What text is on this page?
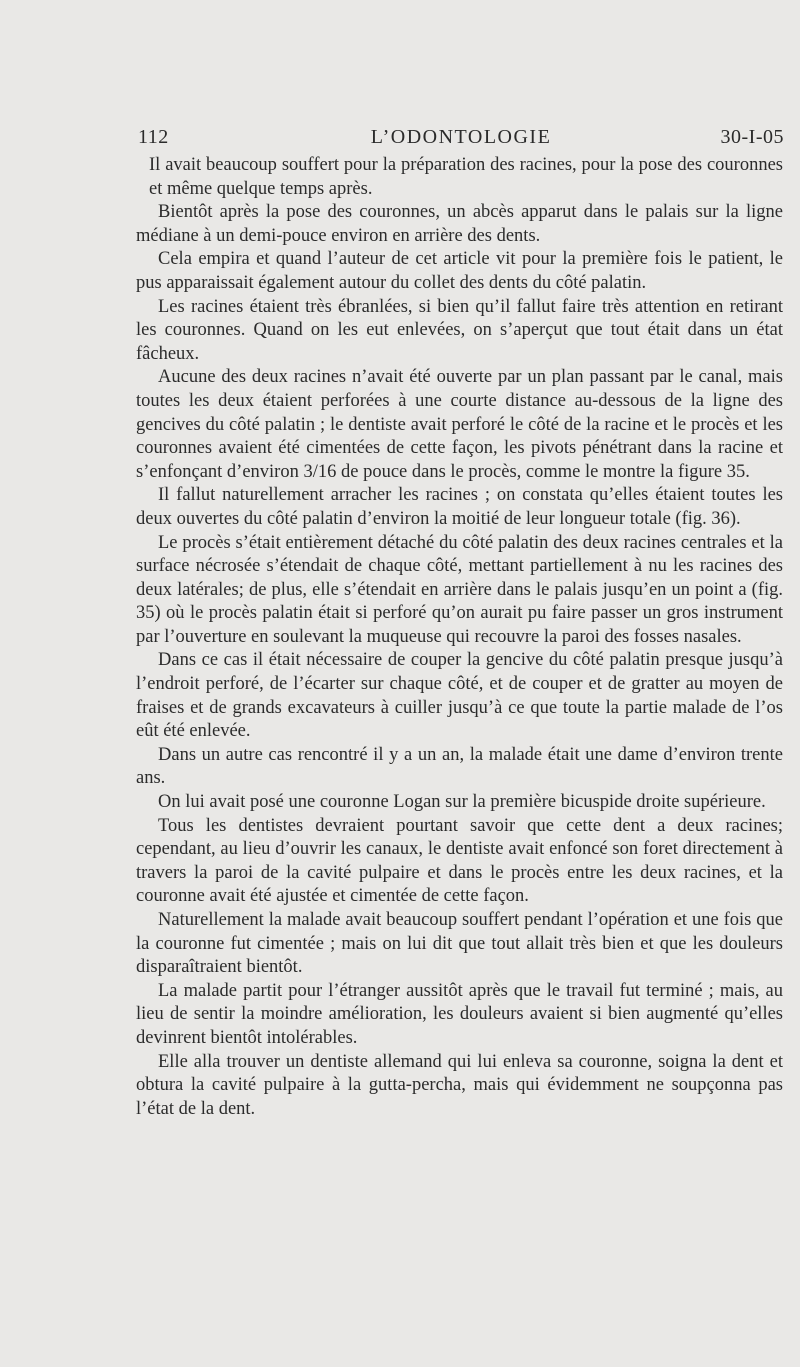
112	L’ODONTOLOGIE	30-I-05

Il avait beaucoup souffert pour la préparation des racines, pour la pose des couronnes et même quelque temps après.

Bientôt après la pose des couronnes, un abcès apparut dans le palais sur la ligne médiane à un demi-pouce environ en arrière des dents.

Cela empira et quand l’auteur de cet article vit pour la première fois le patient, le pus apparaissait également autour du collet des dents du côté palatin.

Les racines étaient très ébranlées, si bien qu’il fallut faire très attention en retirant les couronnes. Quand on les eut enlevées, on s’aperçut que tout était dans un état fâcheux.

Aucune des deux racines n’avait été ouverte par un plan passant par le canal, mais toutes les deux étaient perforées à une courte distance au-dessous de la ligne des gencives du côté palatin ; le dentiste avait perforé le côté de la racine et le procès et les couronnes avaient été cimentées de cette façon, les pivots pénétrant dans la racine et s’enfonçant d’environ 3/16 de pouce dans le procès, comme le montre la figure 35.

Il fallut naturellement arracher les racines ; on constata qu’elles étaient toutes les deux ouvertes du côté palatin d’environ la moitié de leur longueur totale (fig. 36).

Le procès s’était entièrement détaché du côté palatin des deux racines centrales et la surface nécrosée s’étendait de chaque côté, mettant partiellement à nu les racines des deux latérales; de plus, elle s’étendait en arrière dans le palais jusqu’en un point a (fig. 35) où le procès palatin était si perforé qu’on aurait pu faire passer un gros instrument par l’ouverture en soulevant la muqueuse qui recouvre la paroi des fosses nasales.

Dans ce cas il était nécessaire de couper la gencive du côté palatin presque jusqu’à l’endroit perforé, de l’écarter sur chaque côté, et de couper et de gratter au moyen de fraises et de grands excavateurs à cuiller jusqu’à ce que toute la partie malade de l’os eût été enlevée.

Dans un autre cas rencontré il y a un an, la malade était une dame d’environ trente ans.

On lui avait posé une couronne Logan sur la première bicuspide droite supérieure.

Tous les dentistes devraient pourtant savoir que cette dent a deux racines; cependant, au lieu d’ouvrir les canaux, le dentiste avait enfoncé son foret directement à travers la paroi de la cavité pulpaire et dans le procès entre les deux racines, et la couronne avait été ajustée et cimentée de cette façon.

Naturellement la malade avait beaucoup souffert pendant l’opération et une fois que la couronne fut cimentée ; mais on lui dit que tout allait très bien et que les douleurs disparaîtraient bientôt.

La malade partit pour l’étranger aussitôt après que le travail fut terminé ; mais, au lieu de sentir la moindre amélioration, les douleurs avaient si bien augmenté qu’elles devinrent bientôt intolérables.

Elle alla trouver un dentiste allemand qui lui enleva sa couronne, soigna la dent et obtura la cavité pulpaire à la gutta-percha, mais qui évidemment ne soupçonna pas l’état de la dent.
